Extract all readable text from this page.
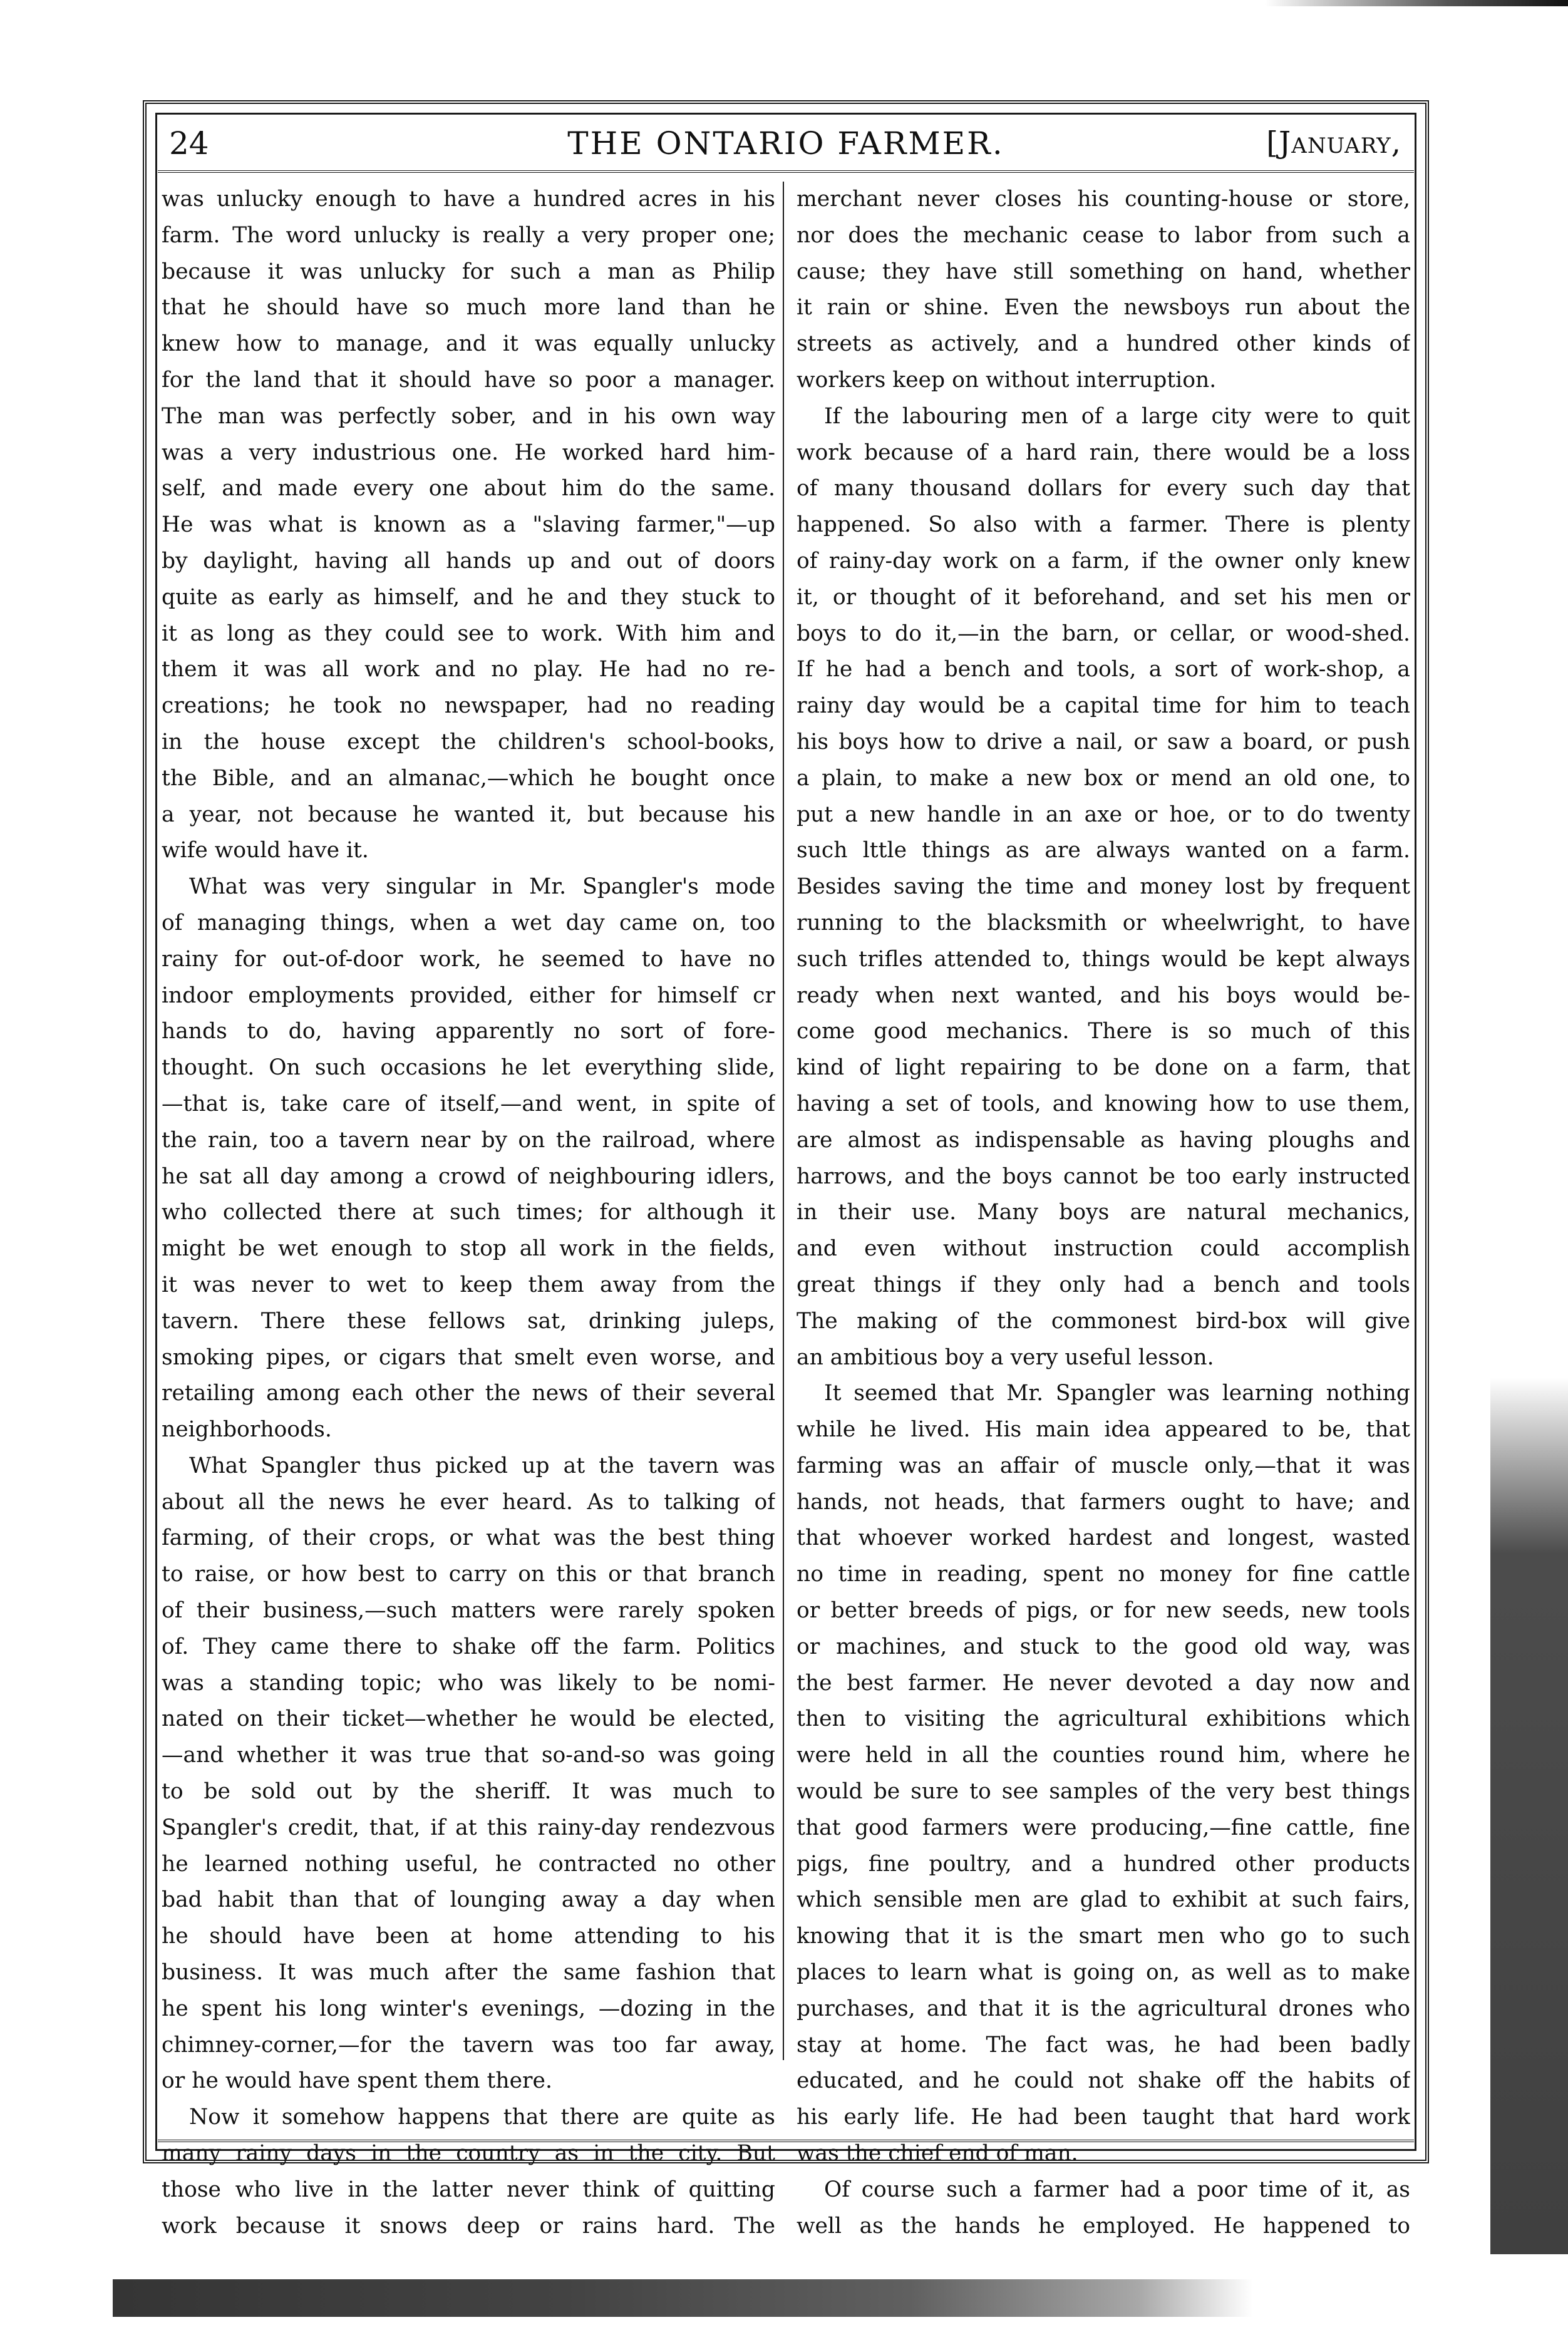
24	THE ONTARIO FARMER.	[January,
was unlucky enough to have a hundred acres in his
farm. The word unlucky is really a very proper one;
because it was unlucky for such a man as Philip
that he should have so much more land than he
knew how to manage, and it was equally unlucky
for the land that it should have so poor a manager.
The man was perfectly sober, and in his own way
was a very industrious one. He worked hard him-
self, and made every one about him do the same.
He was what is known as a "slaving farmer,"—up
by daylight, having all hands up and out of doors
quite as early as himself, and he and they stuck to
it as long as they could see to work. With him and
them it was all work and no play. He had no re-
creations; he took no newspaper, had no reading
in the house except the children's school-books,
the Bible, and an almanac,—which he bought once
a year, not because he wanted it, but because his
wife would have it.
What was very singular in Mr. Spangler's mode
of managing things, when a wet day came on, too
rainy for out-of-door work, he seemed to have no
indoor employments provided, either for himself cr
hands to do, having apparently no sort of fore-
thought. On such occasions he let everything slide,
—that is, take care of itself,—and went, in spite of
the rain, too a tavern near by on the railroad, where
he sat all day among a crowd of neighbouring idlers,
who collected there at such times; for although it
might be wet enough to stop all work in the fields,
it was never to wet to keep them away from the
tavern. There these fellows sat, drinking juleps,
smoking pipes, or cigars that smelt even worse, and
retailing among each other the news of their several
neighborhoods.
What Spangler thus picked up at the tavern was
about all the news he ever heard. As to talking of
farming, of their crops, or what was the best thing
to raise, or how best to carry on this or that branch
of their business,—such matters were rarely spoken
of. They came there to shake off the farm. Politics
was a standing topic; who was likely to be nomi-
nated on their ticket—whether he would be elected,
—and whether it was true that so-and-so was going
to be sold out by the sheriff. It was much to
Spangler's credit, that, if at this rainy-day rendezvous
he learned nothing useful, he contracted no other
bad habit than that of lounging away a day when
he should have been at home attending to his
business. It was much after the same fashion that
he spent his long winter's evenings, —dozing in the
chimney-corner,—for the tavern was too far away,
or he would have spent them there.
Now it somehow happens that there are quite as
many rainy days in the country as in the city. But
those who live in the latter never think of quitting
work because it snows deep or rains hard. The
merchant never closes his counting-house or store,
nor does the mechanic cease to labor from such a
cause; they have still something on hand, whether
it rain or shine. Even the newsboys run about the
streets as actively, and a hundred other kinds of
workers keep on without interruption.
If the labouring men of a large city were to quit
work because of a hard rain, there would be a loss
of many thousand dollars for every such day that
happened. So also with a farmer. There is plenty
of rainy-day work on a farm, if the owner only knew
it, or thought of it beforehand, and set his men or
boys to do it,—in the barn, or cellar, or wood-shed.
If he had a bench and tools, a sort of work-shop, a
rainy day would be a capital time for him to teach
his boys how to drive a nail, or saw a board, or push
a plain, to make a new box or mend an old one, to
put a new handle in an axe or hoe, or to do twenty
such lttle things as are always wanted on a farm.
Besides saving the time and money lost by frequent
running to the blacksmith or wheelwright, to have
such trifles attended to, things would be kept always
ready when next wanted, and his boys would be-
come good mechanics. There is so much of this
kind of light repairing to be done on a farm, that
having a set of tools, and knowing how to use them,
are almost as indispensable as having ploughs and
harrows, and the boys cannot be too early instructed
in their use. Many boys are natural mechanics,
and even without instruction could accomplish
great things if they only had a bench and tools
The making of the commonest bird-box will give
an ambitious boy a very useful lesson.
It seemed that Mr. Spangler was learning nothing
while he lived. His main idea appeared to be, that
farming was an affair of muscle only,—that it was
hands, not heads, that farmers ought to have; and
that whoever worked hardest and longest, wasted
no time in reading, spent no money for fine cattle
or better breeds of pigs, or for new seeds, new tools
or machines, and stuck to the good old way, was
the best farmer. He never devoted a day now and
then to visiting the agricultural exhibitions which
were held in all the counties round him, where he
would be sure to see samples of the very best things
that good farmers were producing,—fine cattle, fine
pigs, fine poultry, and a hundred other products
which sensible men are glad to exhibit at such fairs,
knowing that it is the smart men who go to such
places to learn what is going on, as well as to make
purchases, and that it is the agricultural drones who
stay at home. The fact was, he had been badly
educated, and he could not shake off the habits of
his early life. He had been taught that hard work
was the chief end of man.
Of course such a farmer had a poor time of it, as
well as the hands he employed. He happened to
